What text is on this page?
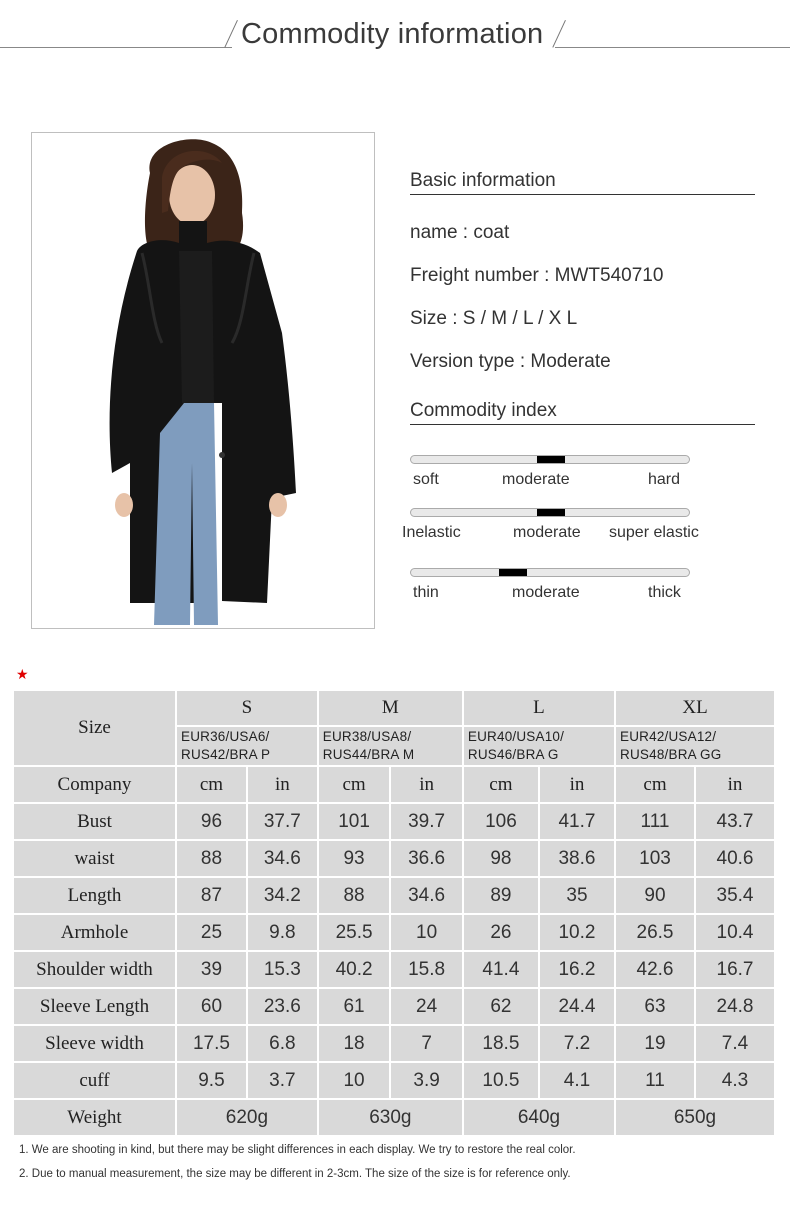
Commodity information
Basic information
name : coat
Freight number : MWT540710
Size : S / M / L / X L
Version type : Moderate
Commodity index
soft	moderate	hard
Inelastic	moderate super elastic
thin	moderate	thick
★
Size	S		M		L		XL	
	EUR36/USA6/
RUS42/BRA P		EUR38/USA8/
RUS44/BRA M		EUR40/USA10/
RUS46/BRA G		EUR42/USA12/
RUS48/BRA GG	
Company	cm	in	cm	in	cm	in	cm	in
Bust	96	37.7	101	39.7	106	41.7	111	43.7
waist	88	34.6	93	36.6	98	38.6	103	40.6
Length	87	34.2	88	34.6	89	35	90	35.4
Armhole	25	9.8	25.5	10	26	10.2	26.5	10.4
Shoulder width	39	15.3	40.2	15.8	41.4	16.2	42.6	16.7
Sleeve Length	60	23.6	61	24	62	24.4	63	24.8
Sleeve width	17.5	6.8	18	7	18.5	7.2	19	7.4
cuff	9.5	3.7	10	3.9	10.5	4.1	11	4.3
Weight	620g		630g		640g		650g	
1. We are shooting in kind, but there may be slight differences in each display. We try to restore the real color.
2. Due to manual measurement, the size may be different in 2-3cm. The size of the size is for reference only.
